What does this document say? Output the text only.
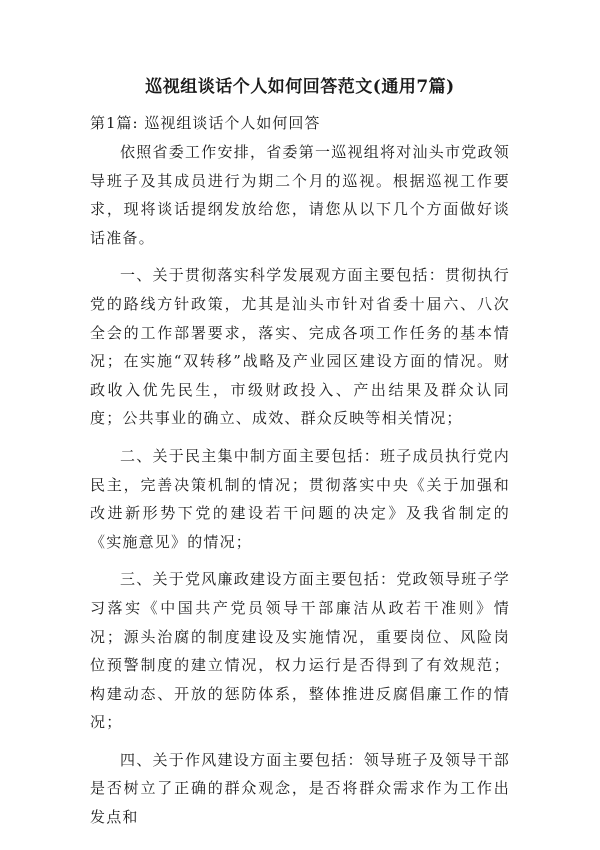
巡视组谈话个人如何回答范文(通用7篇)
第1篇: 巡视组谈话个人如何回答

依照省委工作安排，省委第一巡视组将对汕头市党政领导班子及其成员进行为期二个月的巡视。根据巡视工作要求，现将谈话提纲发放给您，请您从以下几个方面做好谈话准备。

一、关于贯彻落实科学发展观方面主要包括：贯彻执行党的路线方针政策，尤其是汕头市针对省委十届六、八次全会的工作部署要求，落实、完成各项工作任务的基本情况；在实施“双转移”战略及产业园区建设方面的情况。财政收入优先民生，市级财政投入、产出结果及群众认同度；公共事业的确立、成效、群众反映等相关情况；

二、关于民主集中制方面主要包括：班子成员执行党内民主，完善决策机制的情况；贯彻落实中央《关于加强和改进新形势下党的建设若干问题的决定》及我省制定的《实施意见》的情况；

三、关于党风廉政建设方面主要包括：党政领导班子学习落实《中国共产党员领导干部廉洁从政若干准则》情况；源头治腐的制度建设及实施情况，重要岗位、风险岗位预警制度的建立情况，权力运行是否得到了有效规范；构建动态、开放的惩防体系，整体推进反腐倡廉工作的情况；

四、关于作风建设方面主要包括：领导班子及领导干部是否树立了正确的群众观念，是否将群众需求作为工作出发点和
